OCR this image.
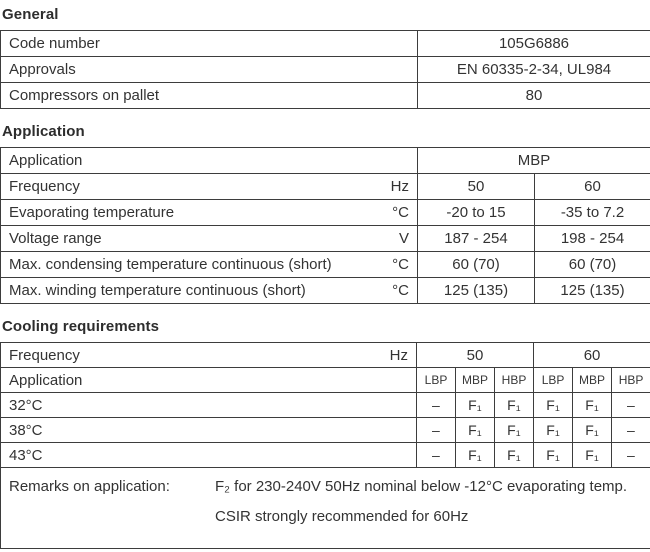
General
Code number	105G6886
Approvals	EN 60335-2-34, UL984
Compressors on pallet	80
Application
Application	MBP	

Frequency Hz	50	60

Evaporating temperature °C	-20 to 15	-35 to 7.2

Voltage range V	187 - 254	198 - 254

Max. condensing temperature continuous (short) °C	60 (70)	60 (70)

Max. winding temperature continuous (short) °C	125 (135)	125 (135)
Cooling requirements
Frequency Hz	50			60		
Application	LBP	MBP	HBP	LBP	MBP	HBP
32°C	–	F₁	F₁	F₁	F₁	–
38°C	–	F₁	F₁	F₁	F₁	–
43°C	–	F₁	F₁	F₁	F₁	–

Remarks on application: F₂ for 230-240V 50Hz nominal below -12°C evaporating temp.
CSIR strongly recommended for 60Hz						
